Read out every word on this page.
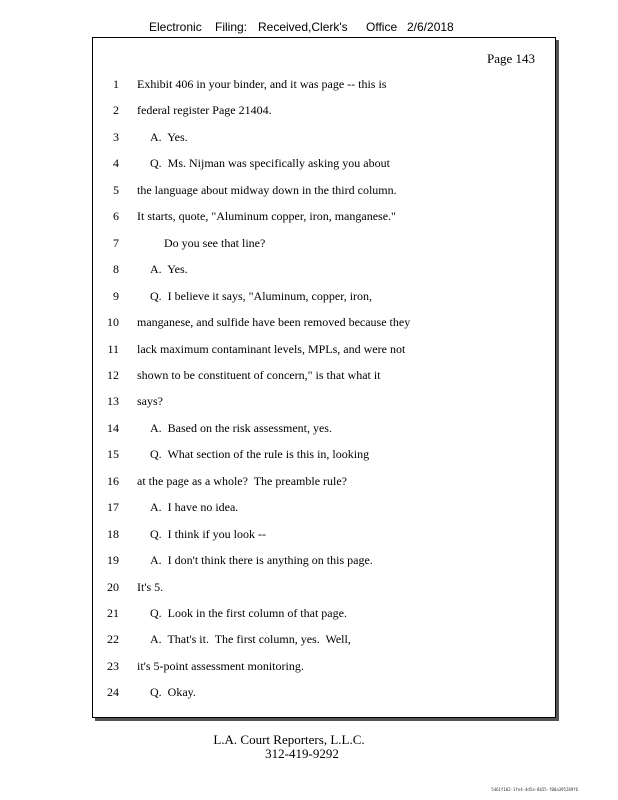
Electronic Filing: Received,Clerk's Office 2/6/2018
Page 143
1 Exhibit 406 in your binder, and it was page -- this is
2 federal register Page 21404.
3	A.  Yes.
4	Q.  Ms. Nijman was specifically asking you about
5 the language about midway down in the third column.
6 It starts, quote, "Aluminum copper, iron, manganese."
7	Do you see that line?
8	A.  Yes.
9	Q.  I believe it says, "Aluminum, copper, iron,
10 manganese, and sulfide have been removed because they
11 lack maximum contaminant levels, MPLs, and were not
12 shown to be constituent of concern," is that what it
13 says?
14	A.  Based on the risk assessment, yes.
15	Q.  What section of the rule is this in, looking
16 at the page as a whole?  The preamble rule?
17	A.  I have no idea.
18	Q.  I think if you look --
19	A.  I don't think there is anything on this page.
20 It's 5.
21	Q.  Look in the first column of that page.
22	A.  That's it.  The first column, yes.  Well,
23 it's 5-point assessment monitoring.
24	Q.  Okay.
L.A. Court Reporters, L.L.C.
312-419-9292
5461f102-1fe4-4d5a-8b55-f00a395289f6
